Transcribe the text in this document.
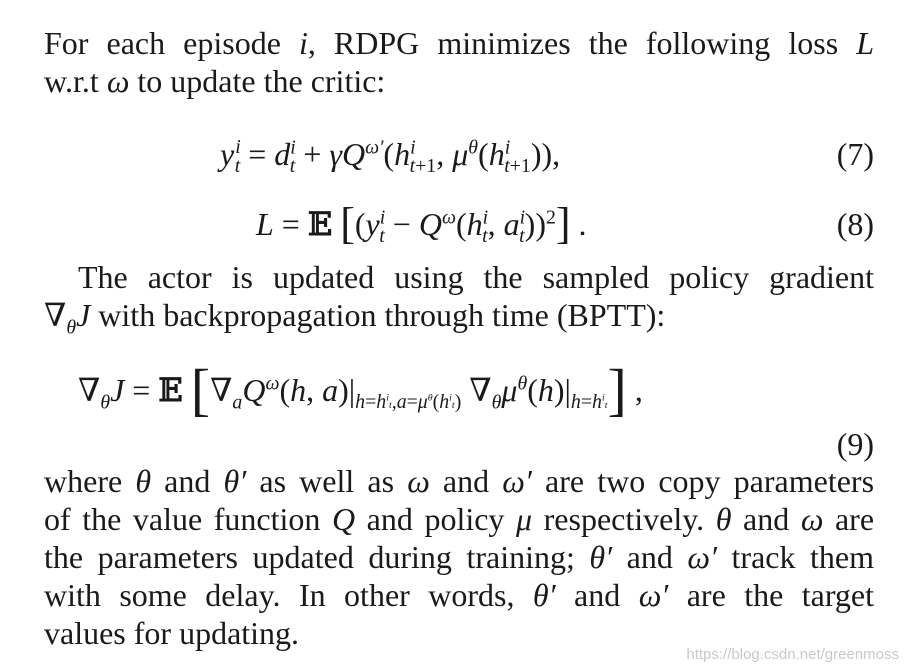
For each episode i, RDPG minimizes the following loss L
w.r.t ω to update the critic:
$y^i_t = d^i_t + \gamma Q^{\omega'}(h^i_{t+1}$, $\mu^\theta(h^i_{t+1})$),	(7)
L = 𝔼 [($y^i_t - Q^\omega(h^i_t$, $a^i_t))^2$] .	(8)
The actor is updated using the sampled policy gradient
$\nabla_\theta J$ with backpropagation through time (BPTT):
$\nabla_\theta J$ = 𝔼 [$\nabla_aQ^\omega(h$, $a)|_{h=h^it,a=\mu^\theta(h^it)}$ $\nabla_\theta\mu^\theta(h)|_{h=h^it}$] ,
(9)
where θ and θ′ as well as ω and ω′ are two copy parameters
of the value function Q and policy μ respectively. θ and ω are
the parameters updated during training; θ′ and ω′ track them
with some delay. In other words, θ′ and ω′ are the target
values for updating.
https://blog.csdn.net/greenmoss
